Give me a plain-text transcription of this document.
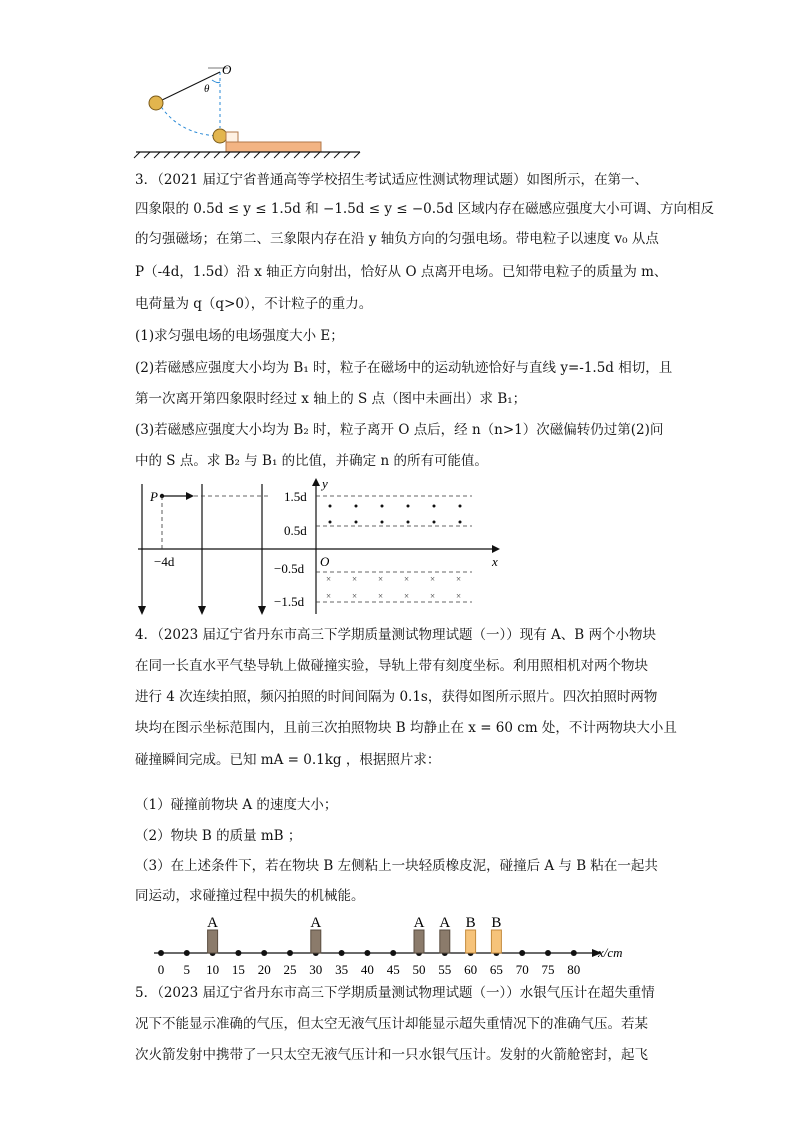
O
θ
3．（2021 届辽宁省普通高等学校招生考试适应性测试物理试题）如图所示，在第一、
四象限的 0.5d ≤ y ≤ 1.5d 和 −1.5d ≤ y ≤ −0.5d 区域内存在磁感应强度大小可调、方向相反
的匀强磁场；在第二、三象限内存在沿 y 轴负方向的匀强电场。带电粒子以速度 v₀ 从点
P（-4d，1.5d）沿 x 轴正方向射出，恰好从 O 点离开电场。已知带电粒子的质量为 m、
电荷量为 q（q>0），不计粒子的重力。
(1)求匀强电场的电场强度大小 E；
(2)若磁感应强度大小均为 B₁ 时，粒子在磁场中的运动轨迹恰好与直线 y=-1.5d 相切，且
第一次离开第四象限时经过 x 轴上的 S 点（图中未画出）求 B₁；
(3)若磁感应强度大小均为 B₂ 时，粒子离开 O 点后，经 n（n>1）次磁偏转仍过第(2)问
中的 S 点。求 B₂ 与 B₁ 的比值，并确定 n 的所有可能值。
× × × × × ×
× × × × × ×
P
−4d
1.5d
0.5d
−0.5d
−1.5d
O
y
x
4．（2023 届辽宁省丹东市高三下学期质量测试物理试题（一））现有 A、B 两个小物块
在同一长直水平气垫导轨上做碰撞实验，导轨上带有刻度坐标。利用照相机对两个物块
进行 4 次连续拍照，频闪拍照的时间间隔为 0.1s，获得如图所示照片。四次拍照时两物
块均在图示坐标范围内，且前三次拍照物块 B 均静止在 x = 60 cm 处，不计两物块大小且
碰撞瞬间完成。已知 mA = 0.1kg ，根据照片求：
（1）碰撞前物块 A 的速度大小；
（2）物块 B 的质量 mB ；
（3）在上述条件下，若在物块 B 左侧粘上一块轻质橡皮泥，碰撞后 A 与 B 粘在一起共
同运动，求碰撞过程中损失的机械能。
x/cm
0 5 10 15 20 25 30 35 40 45 50 55 60 65 70 75 80
A	A	A A B B
5．（2023 届辽宁省丹东市高三下学期质量测试物理试题（一））水银气压计在超失重情
况下不能显示准确的气压，但太空无液气压计却能显示超失重情况下的准确气压。若某
次火箭发射中携带了一只太空无液气压计和一只水银气压计。发射的火箭舱密封，起飞
